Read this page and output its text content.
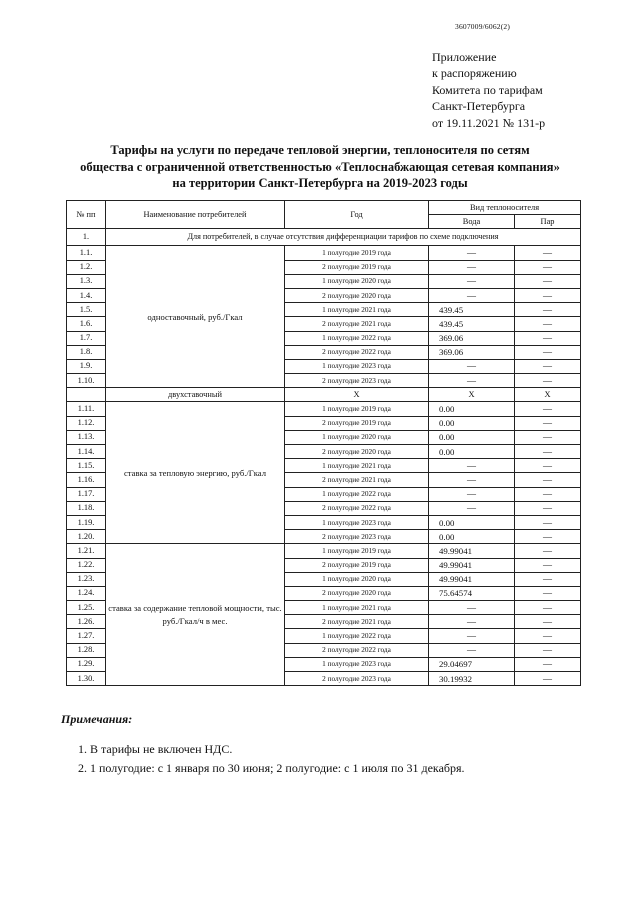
3607009/6062(2)
Приложение
к распоряжению
Комитета по тарифам
Санкт-Петербурга
от 19.11.2021 № 131-р
Тарифы на услуги по передаче тепловой энергии, теплоносителя по сетям
общества с ограниченной ответственностью «Теплоснабжающая сетевая компания»
на территории Санкт-Петербурга на 2019-2023 годы
№ пп	Наименование потребителей	Год	Вид теплоносителя	
			Вода	Пар
1.	Для потребителей, в случае отсутствия дифференциации тарифов по схеме подключения			
1.1.	одноставочный, руб./Гкал	1 полугодие 2019 года	—	—
1.2.		2 полугодие 2019 года	—	—
1.3.		1 полугодие 2020 года	—	—
1.4.		2 полугодие 2020 года	—	—
1.5.		1 полугодие 2021 года	439.45	—
1.6.		2 полугодие 2021 года	439.45	—
1.7.		1 полугодие 2022 года	369.06	—
1.8.		2 полугодие 2022 года	369.06	—
1.9.		1 полугодие 2023 года	—	—
1.10.		2 полугодие 2023 года	—	—
	двухставочный	X	X	X
1.11.	ставка за тепловую энергию, руб./Гкал	1 полугодие 2019 года	0.00	—
1.12.		2 полугодие 2019 года	0.00	—
1.13.		1 полугодие 2020 года	0.00	—
1.14.		2 полугодие 2020 года	0.00	—
1.15.		1 полугодие 2021 года	—	—
1.16.		2 полугодие 2021 года	—	—
1.17.		1 полугодие 2022 года	—	—
1.18.		2 полугодие 2022 года	—	—
1.19.		1 полугодие 2023 года	0.00	—
1.20.		2 полугодие 2023 года	0.00	—
1.21.	ставка за содержание тепловой мощности, тыс. руб./Гкал/ч в мес.	1 полугодие 2019 года	49.99041	—
1.22.		2 полугодие 2019 года	49.99041	—
1.23.		1 полугодие 2020 года	49.99041	—
1.24.		2 полугодие 2020 года	75.64574	—
1.25.		1 полугодие 2021 года	—	—
1.26.		2 полугодие 2021 года	—	—
1.27.		1 полугодие 2022 года	—	—
1.28.		2 полугодие 2022 года	—	—
1.29.		1 полугодие 2023 года	29.04697	—
1.30.		2 полугодие 2023 года	30.19932	—
Примечания:
1. В тарифы не включен НДС.
2. 1 полугодие: с 1 января по 30 июня; 2 полугодие: с 1 июля по 31 декабря.
